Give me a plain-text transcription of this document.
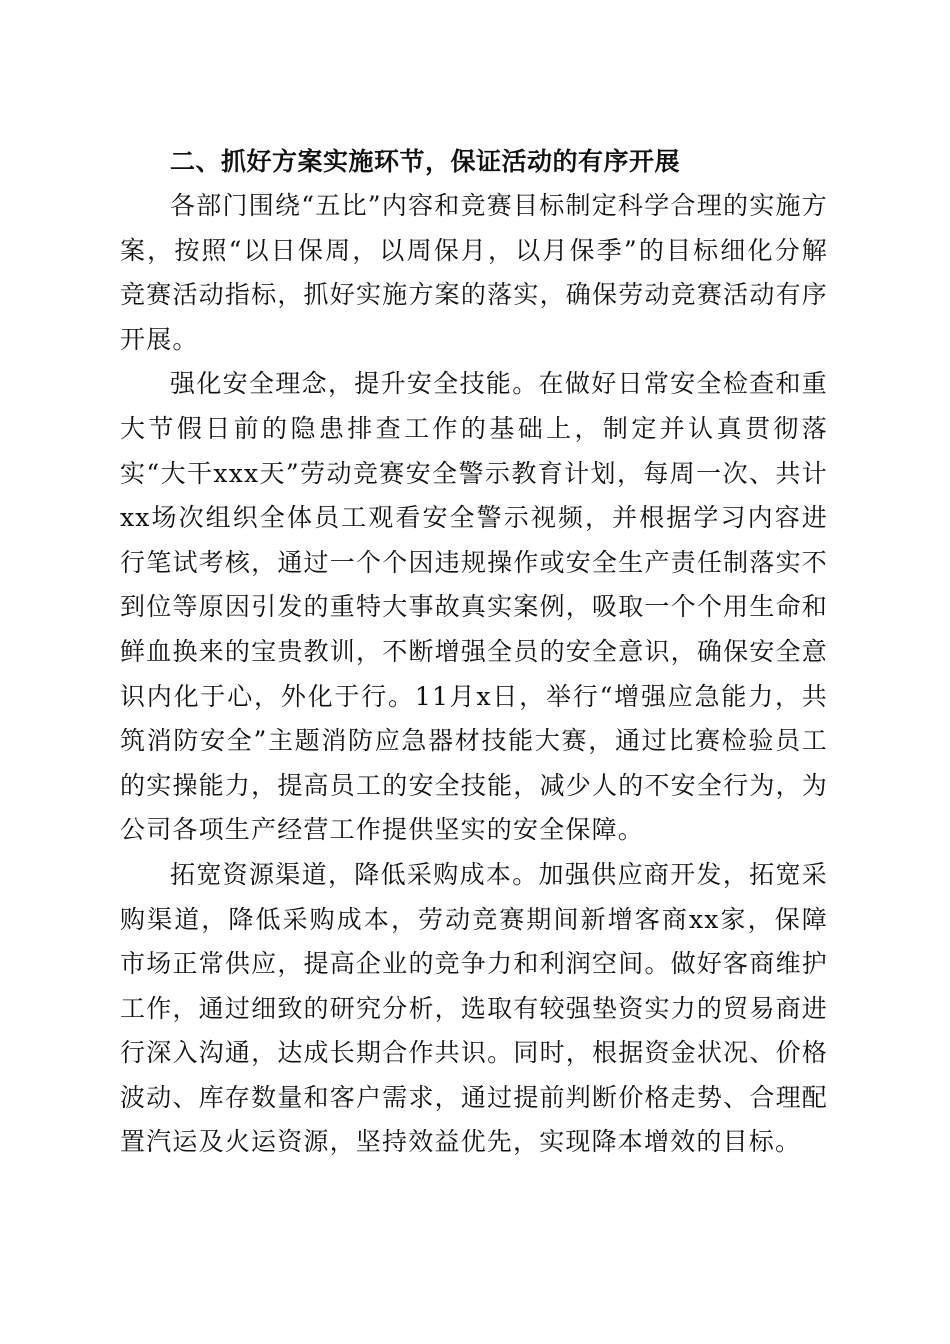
二、抓好方案实施环节，保证活动的有序开展

各部门围绕“五比”内容和竞赛目标制定科学合理的实施方案，按照“以日保周，以周保月，以月保季”的目标细化分解竞赛活动指标，抓好实施方案的落实，确保劳动竞赛活动有序开展。

强化安全理念，提升安全技能。在做好日常安全检查和重大节假日前的隐患排查工作的基础上，制定并认真贯彻落实“大干xxx天”劳动竞赛安全警示教育计划，每周一次、共计xx场次组织全体员工观看安全警示视频，并根据学习内容进行笔试考核，通过一个个因违规操作或安全生产责任制落实不到位等原因引发的重特大事故真实案例，吸取一个个用生命和鲜血换来的宝贵教训，不断增强全员的安全意识，确保安全意识内化于心，外化于行。11月x日，举行“增强应急能力，共筑消防安全”主题消防应急器材技能大赛，通过比赛检验员工的实操能力，提高员工的安全技能，减少人的不安全行为，为公司各项生产经营工作提供坚实的安全保障。

拓宽资源渠道，降低采购成本。加强供应商开发，拓宽采购渠道，降低采购成本，劳动竞赛期间新增客商xx家，保障市场正常供应，提高企业的竞争力和利润空间。做好客商维护工作，通过细致的研究分析，选取有较强垫资实力的贸易商进行深入沟通，达成长期合作共识。同时，根据资金状况、价格波动、库存数量和客户需求，通过提前判断价格走势、合理配置汽运及火运资源，坚持效益优先，实现降本增效的目标。
